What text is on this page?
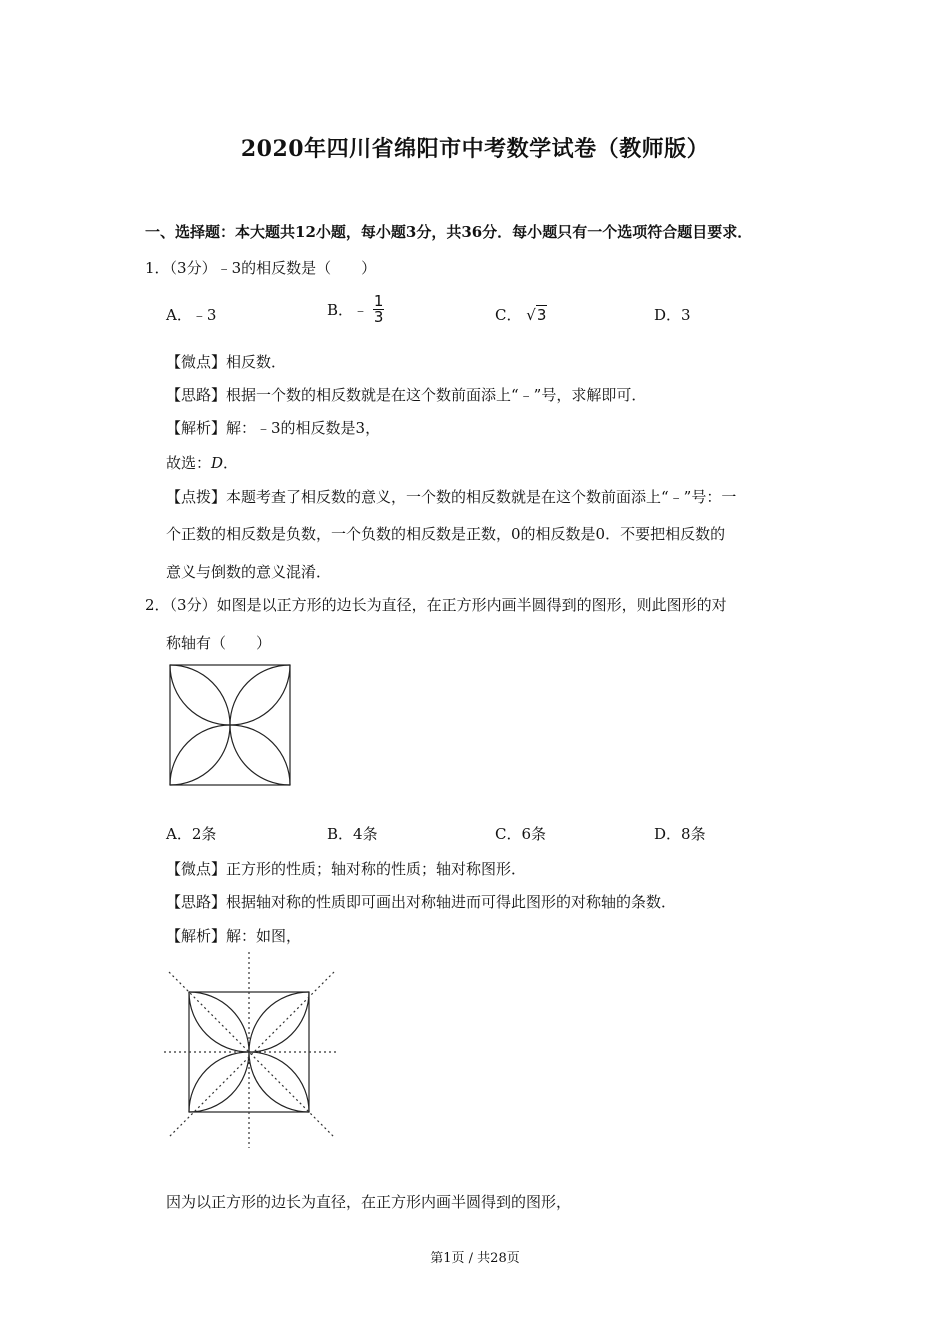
2020年四川省绵阳市中考数学试卷（教师版）
一、选择题：本大题共12小题，每小题3分，共36分．每小题只有一个选项符合题目要求．
1．（3分）﹣3的相反数是（　　）
A．﹣3	B．﹣ $\frac{1}{3}$	C． √3	D．3
【微点】相反数．
【思路】根据一个数的相反数就是在这个数前面添上“﹣”号，求解即可．
【解析】解：﹣3的相反数是3，
故选：D．
【点拨】本题考查了相反数的意义，一个数的相反数就是在这个数前面添上“﹣”号：一
个正数的相反数是负数，一个负数的相反数是正数，0的相反数是0．不要把相反数的
意义与倒数的意义混淆．
2．（3分）如图是以正方形的边长为直径，在正方形内画半圆得到的图形，则此图形的对
称轴有（　　）
A．2条	B．4条	C．6条	D．8条
【微点】正方形的性质；轴对称的性质；轴对称图形．
【思路】根据轴对称的性质即可画出对称轴进而可得此图形的对称轴的条数．
【解析】解：如图，
因为以正方形的边长为直径，在正方形内画半圆得到的图形，
第1页 / 共28页
